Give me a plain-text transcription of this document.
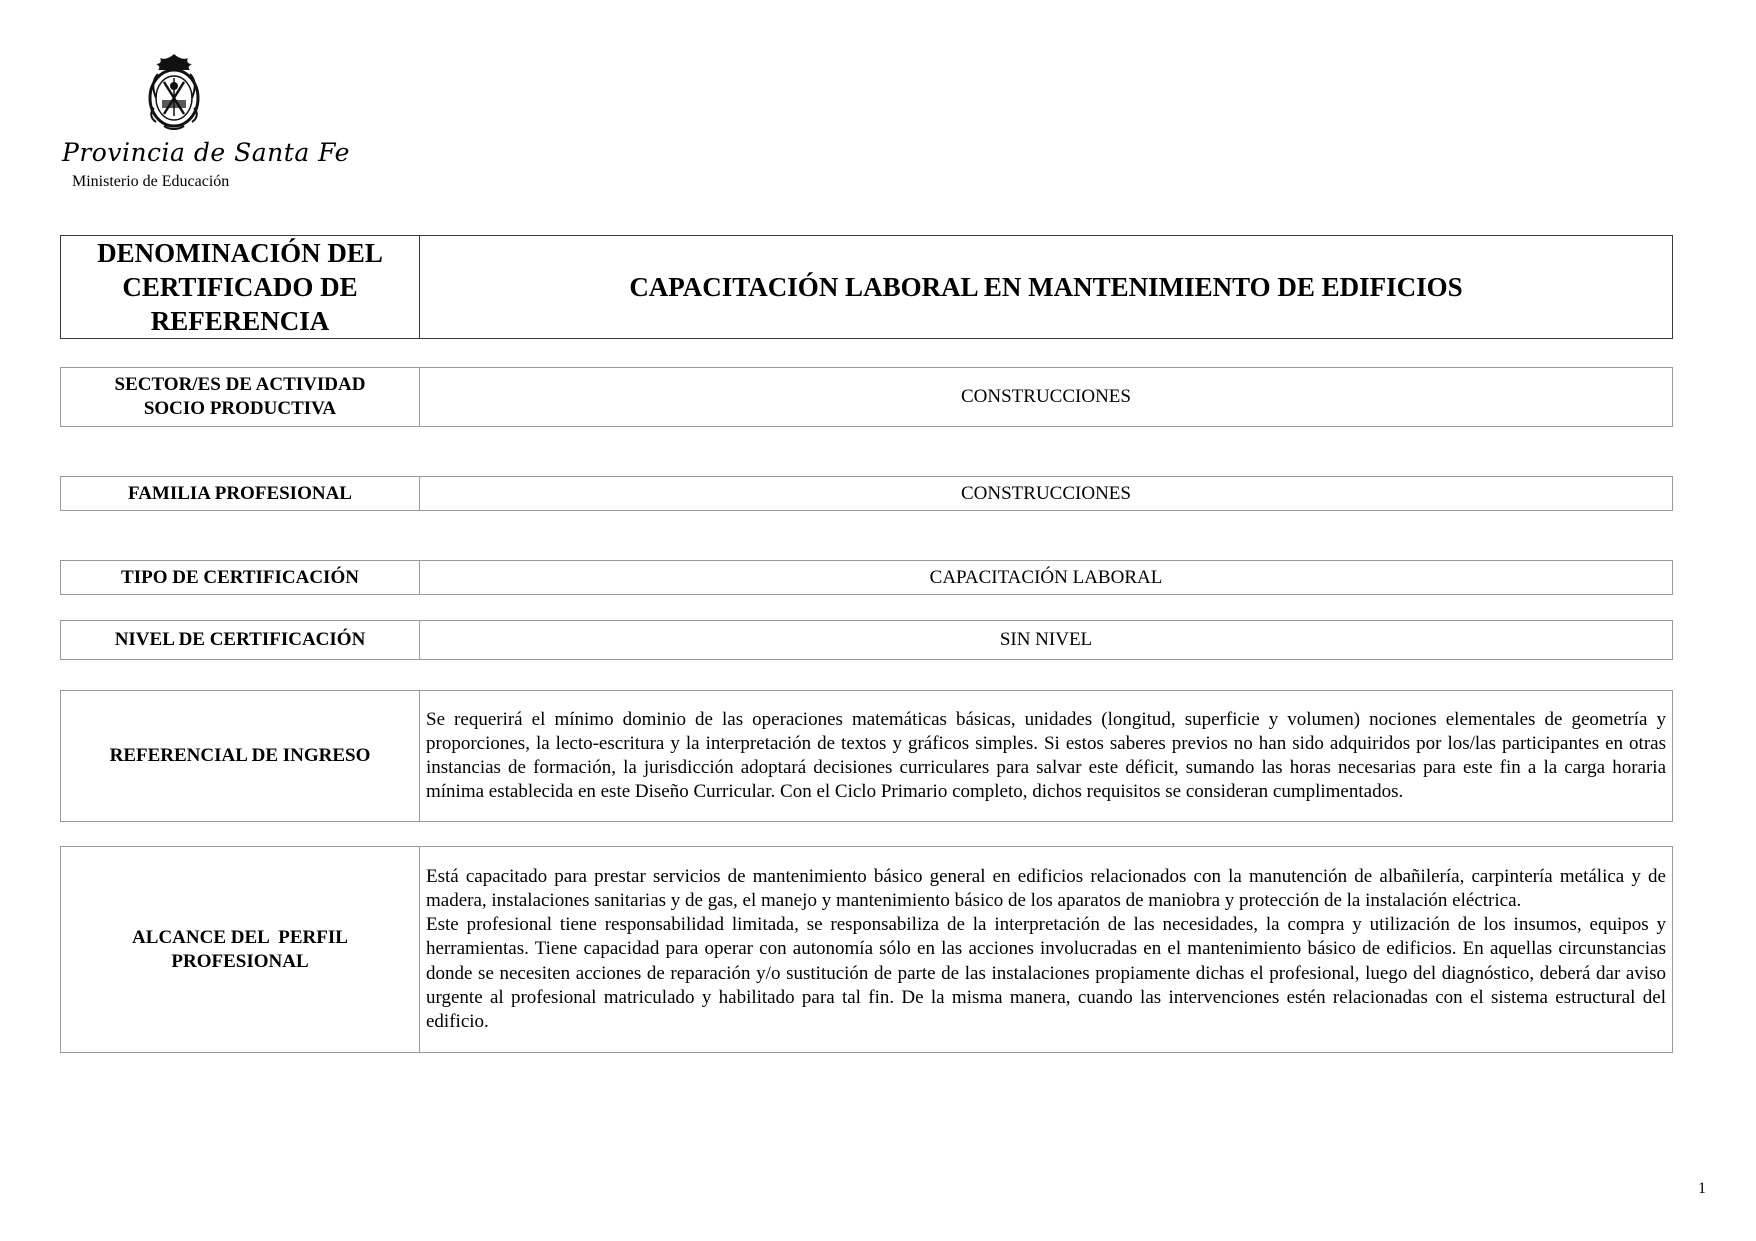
Provincia de Santa Fe
Ministerio de Educación
DENOMINACIÓN DEL
CERTIFICADO DE
REFERENCIA
	CAPACITACIÓN LABORAL EN MANTENIMIENTO DE EDIFICIOS
SECTOR/ES DE ACTIVIDAD
SOCIO PRODUCTIVA
	CONSTRUCCIONES
FAMILIA PROFESIONAL	CONSTRUCCIONES
TIPO DE CERTIFICACIÓN	CAPACITACIÓN LABORAL
NIVEL DE CERTIFICACIÓN	SIN NIVEL
REFERENCIAL DE INGRESO	Se requerirá el mínimo dominio de las operaciones matemáticas básicas, unidades (longitud, superficie y volumen) nociones elementales de geometría y proporciones, la lecto-escritura y la interpretación de textos y gráficos simples. Si estos saberes previos no han sido adquiridos por los/las participantes en otras instancias de formación, la jurisdicción adoptará decisiones curriculares para salvar este déficit, sumando las horas necesarias para este fin a la carga horaria mínima establecida en este Diseño Curricular. Con el Ciclo Primario completo, dichos requisitos se consideran cumplimentados.
ALCANCE DEL  PERFIL
PROFESIONAL

Está capacitado para prestar servicios de mantenimiento básico general en edificios relacionados con la manutención de albañilería, carpintería metálica y de madera, instalaciones sanitarias y de gas, el manejo y mantenimiento básico de los aparatos de maniobra y protección de la instalación eléctrica.
Este profesional tiene responsabilidad limitada, se responsabiliza de la interpretación de las necesidades, la compra y utilización de los insumos, equipos y herramientas. Tiene capacidad para operar con autonomía sólo en las acciones involucradas en el mantenimiento básico de edificios. En aquellas circunstancias donde se necesiten acciones de reparación y/o sustitución de parte de las instalaciones propiamente dichas el profesional, luego del diagnóstico, deberá dar aviso urgente al profesional matriculado y habilitado para tal fin. De la misma manera, cuando las intervenciones estén relacionadas con el sistema estructural del edificio.
1
